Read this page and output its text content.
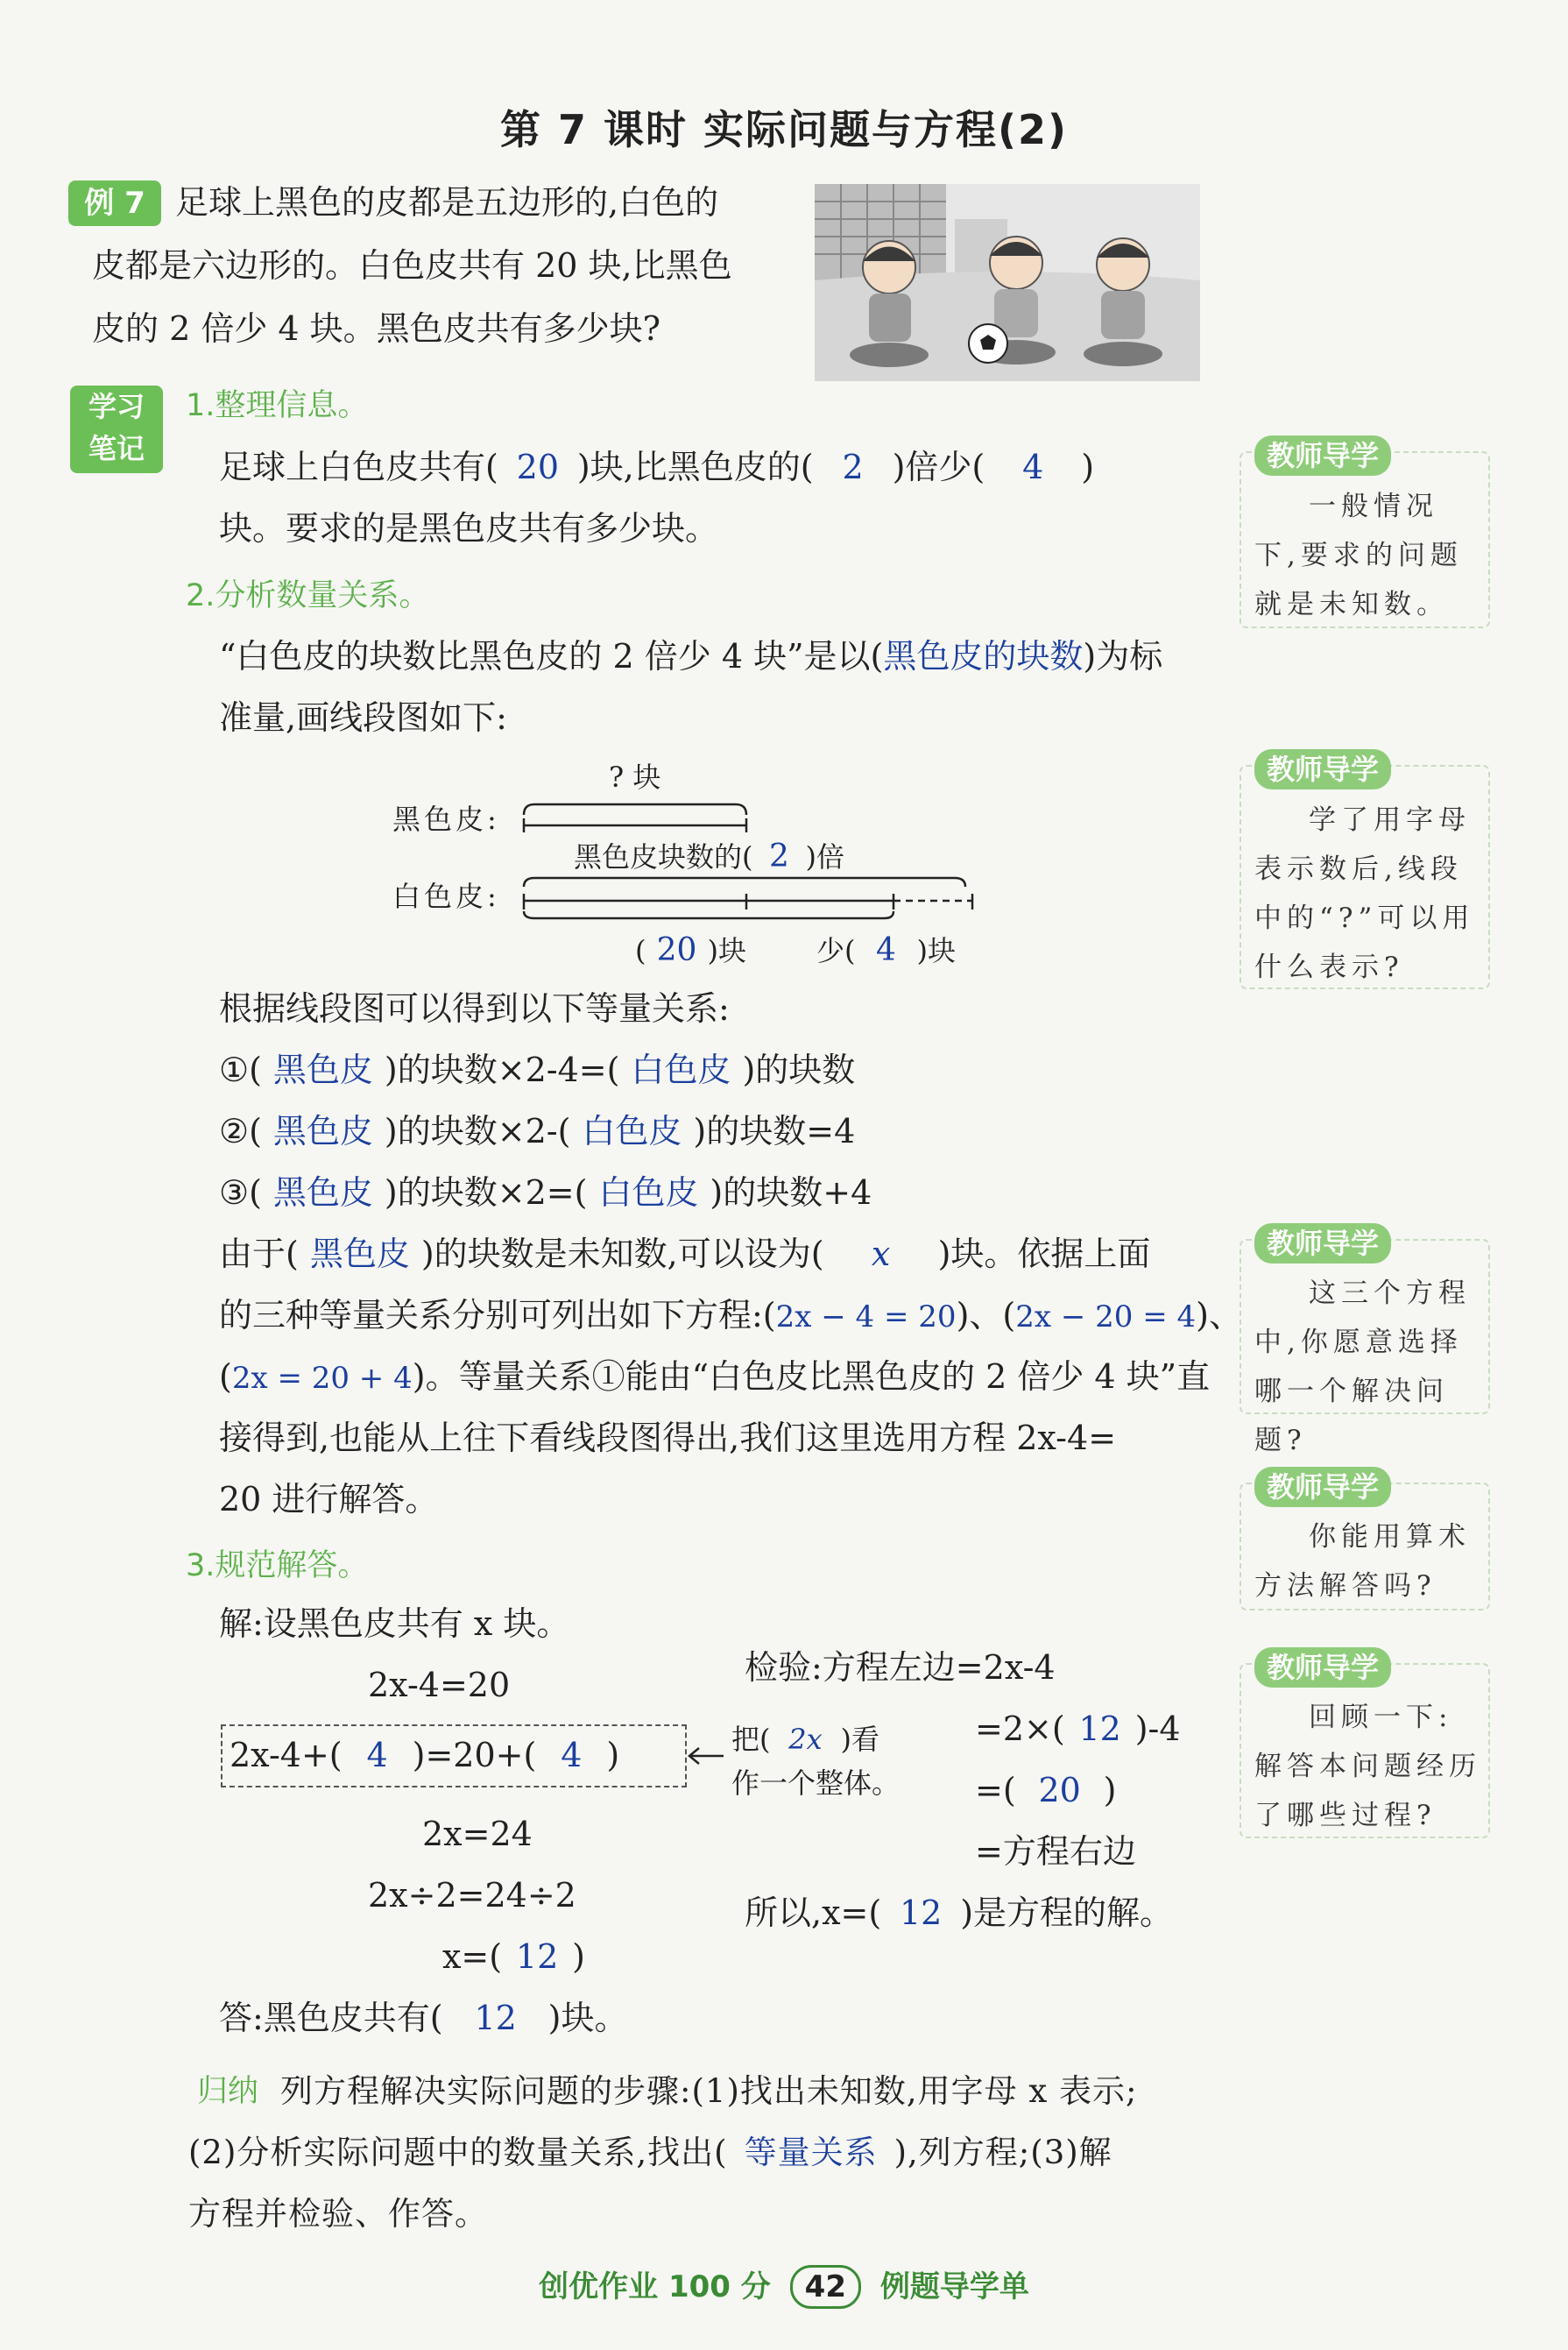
第 7 课时 实际问题与方程(2)
例 7 足球上黑色的皮都是五边形的,白色的
皮都是六边形的。白色皮共有 20 块,比黑色
皮的 2 倍少 4 块。黑色皮共有多少块?
学习
笔记
1.整理信息。
足球上白色皮共有( 20 )块,比黑色皮的( 2 )倍少( 4 )
块。要求的是黑色皮共有多少块。
2.分析数量关系。
“白色皮的块数比黑色皮的 2 倍少 4 块”是以(黑色皮的块数)为标
准量,画线段图如下:
? 块
黑色皮:
黑色皮块数的( 2 )倍
白色皮:
( 20 )块	少( 4 )块
根据线段图可以得到以下等量关系:
①( 黑色皮 )的块数×2-4=( 白色皮 )的块数
②( 黑色皮 )的块数×2-( 白色皮 )的块数=4
③( 黑色皮 )的块数×2=( 白色皮 )的块数+4
由于( 黑色皮 )的块数是未知数,可以设为( x )块。依据上面
的三种等量关系分别可列出如下方程:(2x − 4 = 20)、(2x − 20 = 4)、
(2x = 20 + 4)。等量关系①能由“白色皮比黑色皮的 2 倍少 4 块”直
接得到,也能从上往下看线段图得出,我们这里选用方程 2x-4=
20 进行解答。
3.规范解答。
解:设黑色皮共有 x 块。
2x-4=20
2x-4+( 4 )=20+( 4 )	把( 2x )看
作一个整体。
2x=24
2x÷2=24÷2
x=( 12 )
检验:方程左边=2x-4
=2×( 12 )-4
=( 20 )
=方程右边
所以,x=( 12 )是方程的解。
答:黑色皮共有( 12 )块。
归纳 列方程解决实际问题的步骤:(1)找出未知数,用字母 x 表示;
(2)分析实际问题中的数量关系,找出( 等量关系 ),列方程;(3)解
方程并检验、作答。
教师导学
一般情况下,要求的问题就是未知数。
教师导学
学了用字母表示数后,线段中的“?”可以用什么表示?
教师导学
这三个方程中,你愿意选择哪一个解决问题?
教师导学
你能用算术方法解答吗?
教师导学
回顾一下:解答本问题经历了哪些过程?
创优作业 100 分 42 例题导学单
